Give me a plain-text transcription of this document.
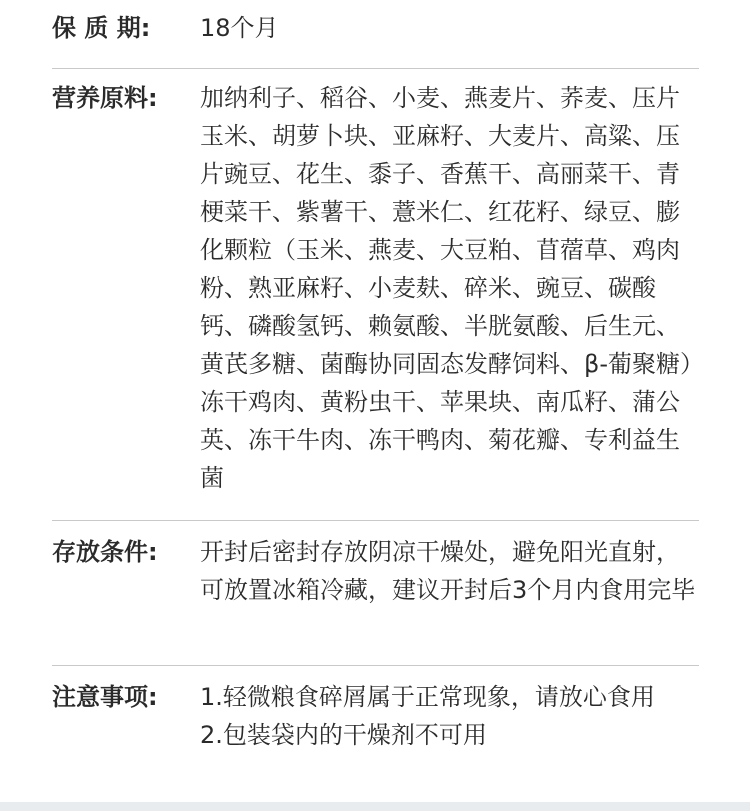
保 质 期: 18个月
营养原料: 加纳利子、稻谷、小麦、燕麦片、荞麦、压片玉米、胡萝卜块、亚麻籽、大麦片、高粱、压片豌豆、花生、黍子、香蕉干、高丽菜干、青梗菜干、紫薯干、薏米仁、红花籽、绿豆、膨化颗粒（玉米、燕麦、大豆粕、苜蓿草、鸡肉粉、熟亚麻籽、小麦麸、碎米、豌豆、碳酸钙、磷酸氢钙、赖氨酸、半胱氨酸、后生元、黄芪多糖、菌酶协同固态发酵饲料、β-葡聚糖）冻干鸡肉、黄粉虫干、苹果块、南瓜籽、蒲公英、冻干牛肉、冻干鸭肉、菊花瓣、专利益生菌
存放条件: 开封后密封存放阴凉干燥处，避免阳光直射，可放置冰箱冷藏，建议开封后3个月内食用完毕
注意事项: 1.轻微粮食碎屑属于正常现象，请放心食用
2.包装袋内的干燥剂不可用
